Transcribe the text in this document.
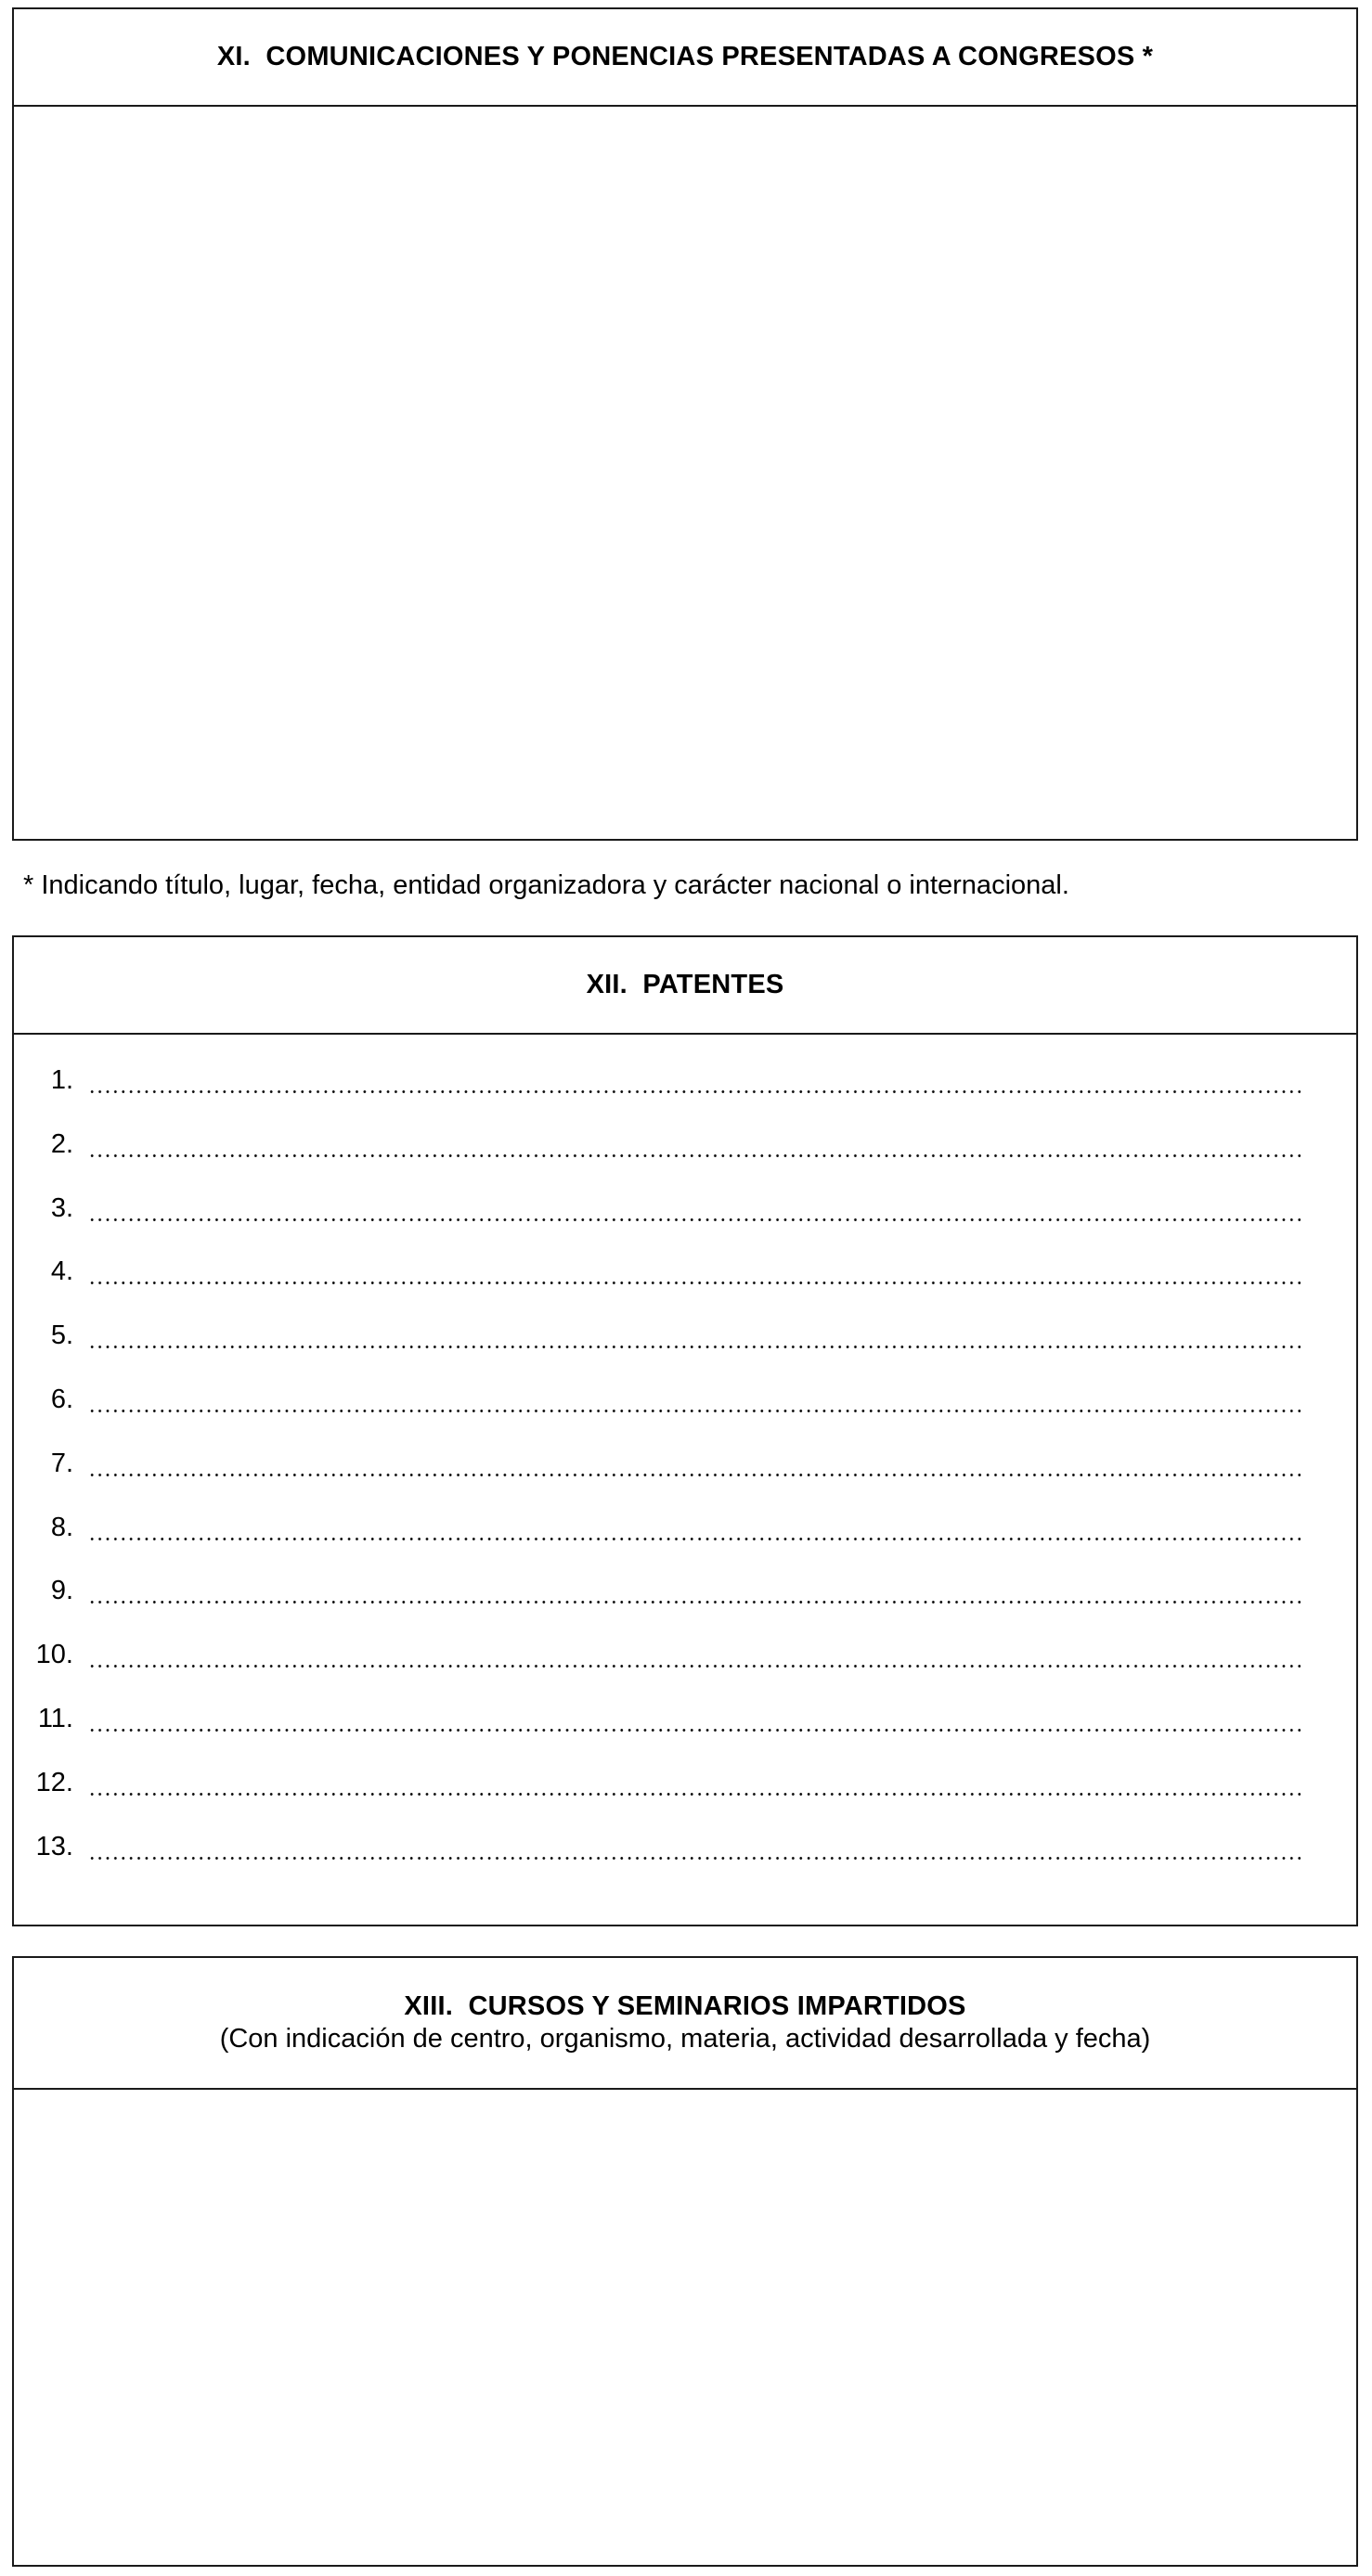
XI.  COMUNICACIONES Y PONENCIAS PRESENTADAS A CONGRESOS *
* Indicando título, lugar, fecha, entidad organizadora y carácter nacional o internacional.
XII.  PATENTES
1.
2.
3.
4.
5.
6.
7.
8.
9.
10.
11.
12.
13.
XIII.  CURSOS Y SEMINARIOS IMPARTIDOS
(Con indicación de centro, organismo, materia, actividad desarrollada y fecha)
